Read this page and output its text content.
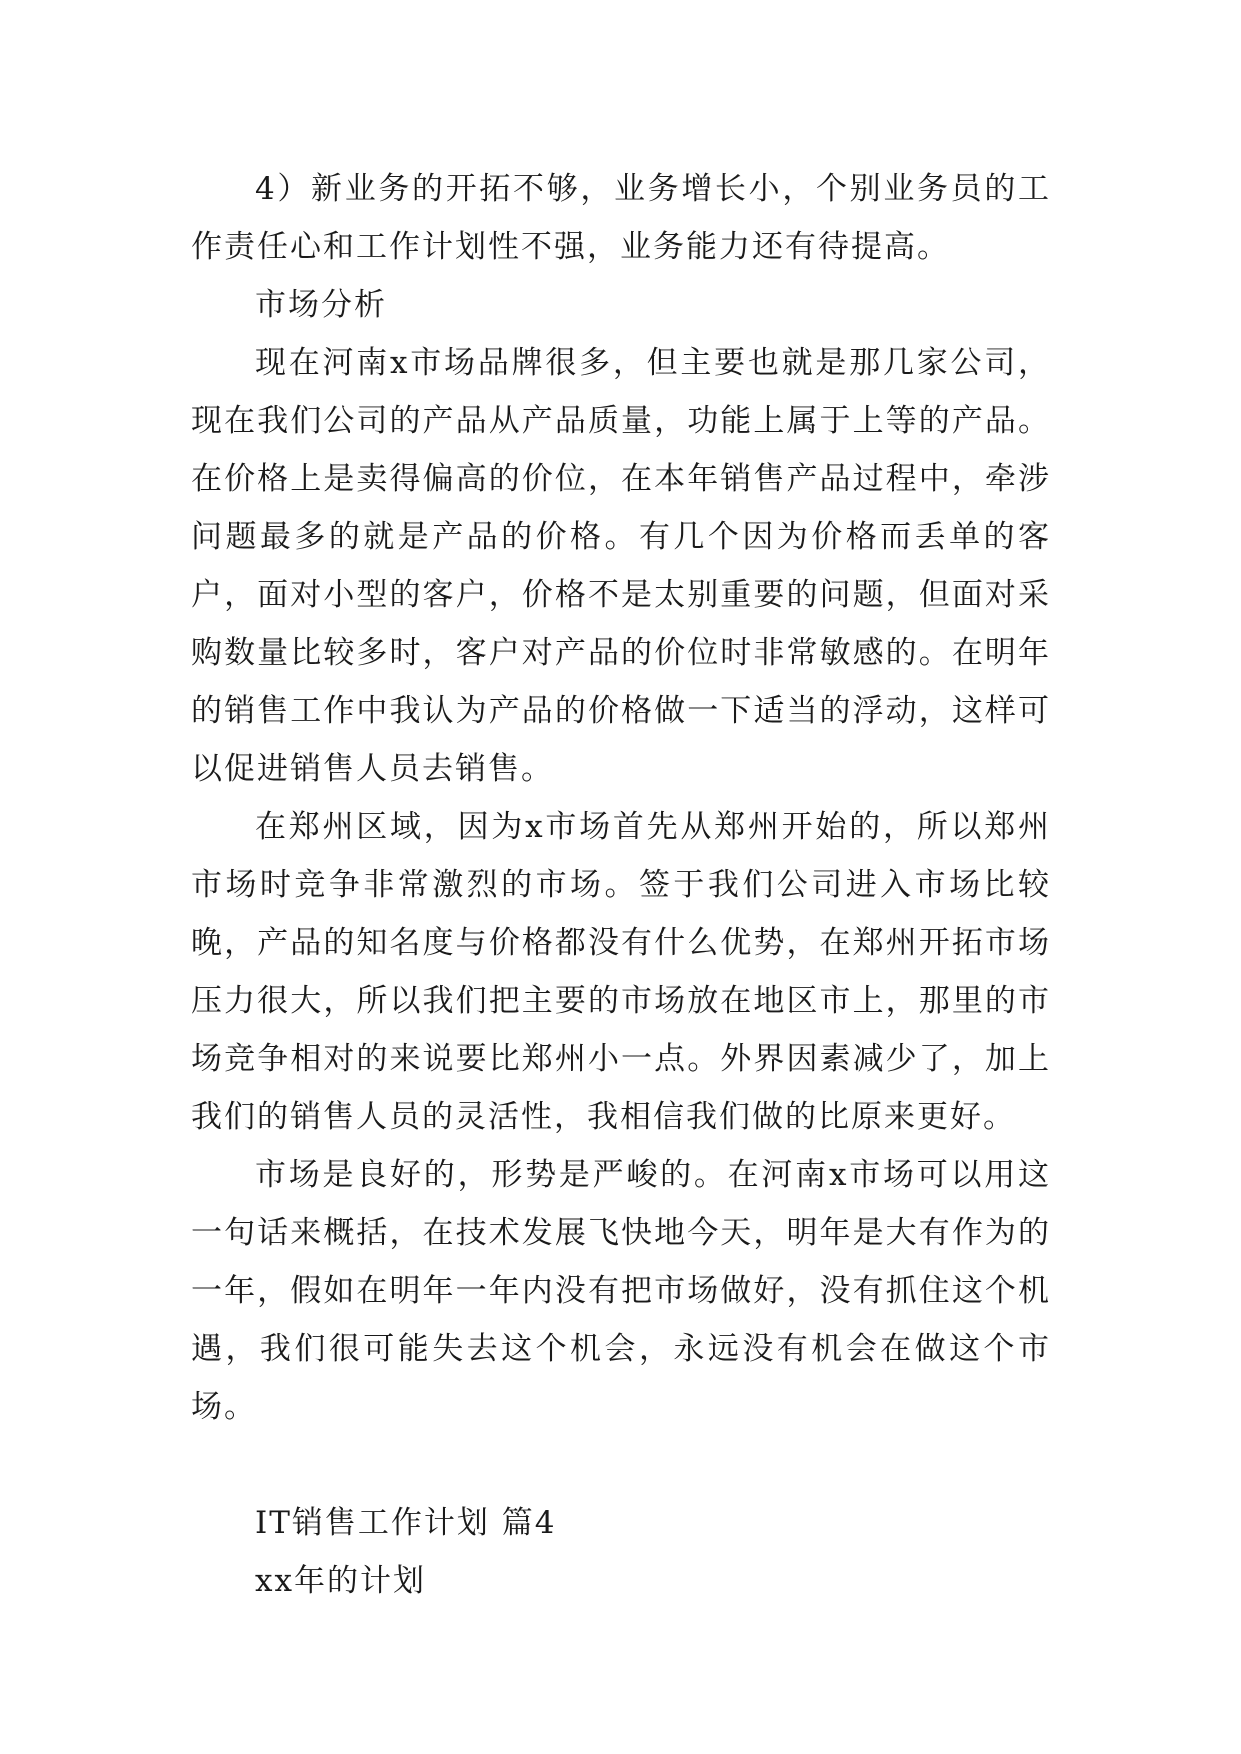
4）新业务的开拓不够，业务增长小，个别业务员的工作责任心和工作计划性不强，业务能力还有待提高。

市场分析

现在河南x市场品牌很多，但主要也就是那几家公司，现在我们公司的产品从产品质量，功能上属于上等的产品。在价格上是卖得偏高的价位，在本年销售产品过程中，牵涉问题最多的就是产品的价格。有几个因为价格而丢单的客户，面对小型的客户，价格不是太别重要的问题，但面对采购数量比较多时，客户对产品的价位时非常敏感的。在明年的销售工作中我认为产品的价格做一下适当的浮动，这样可以促进销售人员去销售。

在郑州区域，因为x市场首先从郑州开始的，所以郑州市场时竞争非常激烈的市场。签于我们公司进入市场比较晚，产品的知名度与价格都没有什么优势，在郑州开拓市场压力很大，所以我们把主要的市场放在地区市上，那里的市场竞争相对的来说要比郑州小一点。外界因素减少了，加上我们的销售人员的灵活性，我相信我们做的比原来更好。

市场是良好的，形势是严峻的。在河南x市场可以用这一句话来概括，在技术发展飞快地今天，明年是大有作为的一年，假如在明年一年内没有把市场做好，没有抓住这个机遇，我们很可能失去这个机会，永远没有机会在做这个市场。

IT销售工作计划 篇4

xx年的计划
